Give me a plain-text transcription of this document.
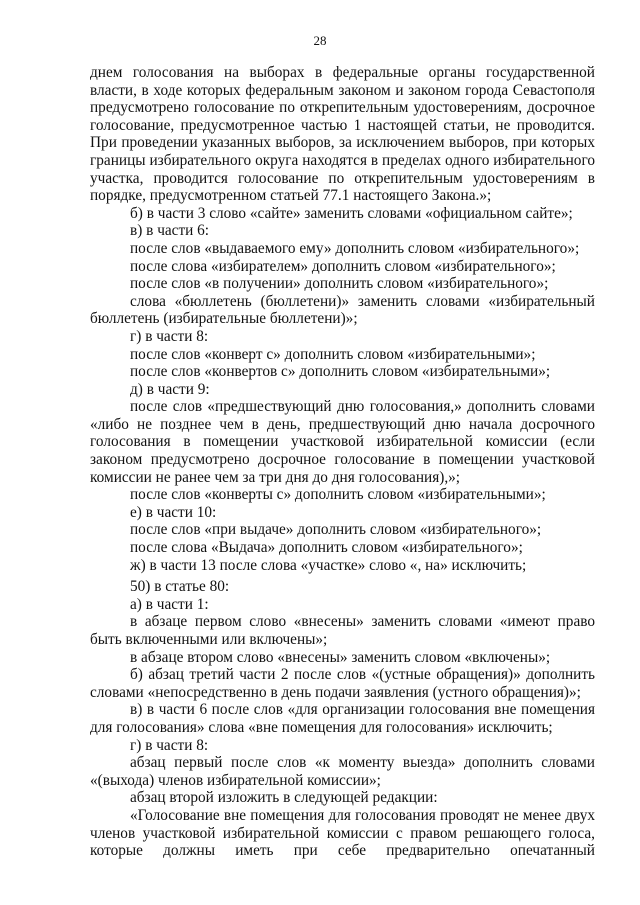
28

днем голосования на выборах в федеральные органы государственной власти, в ходе которых федеральным законом и законом города Севастополя предусмотрено голосование по открепительным удостоверениям, досрочное голосование, предусмотренное частью 1 настоящей статьи, не проводится. При проведении указанных выборов, за исключением выборов, при которых границы избирательного округа находятся в пределах одного избирательного участка, проводится голосование по открепительным удостоверениям в порядке, предусмотренном статьей 77.1 настоящего Закона.»;

б) в части 3 слово «сайте» заменить словами «официальном сайте»;

в) в части 6:

после слов «выдаваемого ему» дополнить словом «избирательного»;

после слова «избирателем» дополнить словом «избирательного»;

после слов «в получении» дополнить словом «избирательного»;

слова «бюллетень (бюллетени)» заменить словами «избирательный бюллетень (избирательные бюллетени)»;

г) в части 8:

после слов «конверт с» дополнить словом «избирательными»;

после слов «конвертов с» дополнить словом «избирательными»;

д) в части 9:

после слов «предшествующий дню голосования,» дополнить словами «либо не позднее чем в день, предшествующий дню начала досрочного голосования в помещении участковой избирательной комиссии (если законом предусмотрено досрочное голосование в помещении участковой комиссии не ранее чем за три дня до дня голосования),»;

после слов «конверты с» дополнить словом «избирательными»;

е) в части 10:

после слов «при выдаче» дополнить словом «избирательного»;

после слова «Выдача» дополнить словом «избирательного»;

ж) в части 13 после слова «участке» слово «, на» исключить;

50) в статье 80:

а) в части 1:

в абзаце первом слово «внесены» заменить словами «имеют право быть включенными или включены»;

в абзаце втором слово «внесены» заменить словом «включены»;

б) абзац третий части 2 после слов «(устные обращения)» дополнить словами «непосредственно в день подачи заявления (устного обращения)»;

в) в части 6 после слов «для организации голосования вне помещения для голосования» слова «вне помещения для голосования» исключить;

г) в части 8:

абзац первый после слов «к моменту выезда» дополнить словами «(выхода) членов избирательной комиссии»;

абзац второй изложить в следующей редакции:

«Голосование вне помещения для голосования проводят не менее двух членов участковой избирательной комиссии с правом решающего голоса, которые должны иметь при себе предварительно опечатанный
